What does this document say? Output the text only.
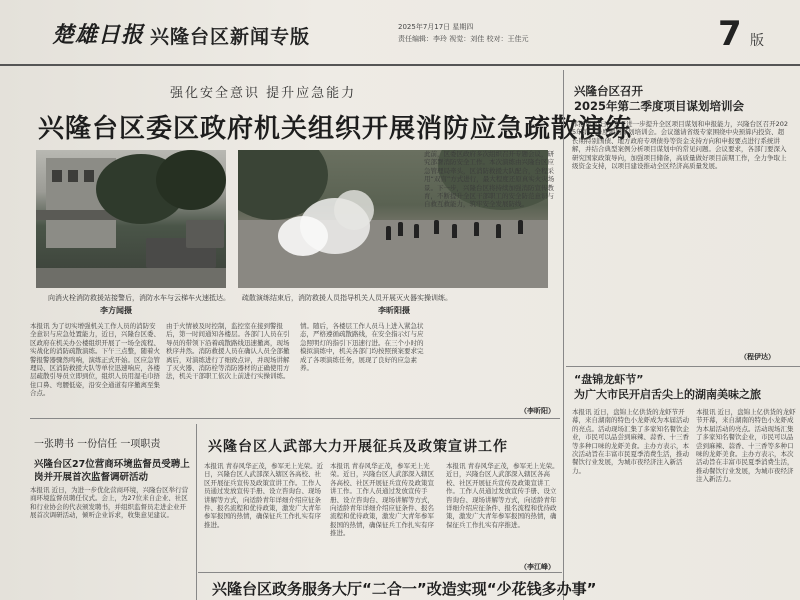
楚雄日报 兴隆台区新闻专版	2025年7月17日 星期四
责任编辑：李玲 视觉：刘佳 校对：王佳元	7 版
强化安全意识 提升应急能力
兴隆台区委区政府机关组织开展消防应急疏散演练
向消火栓消防救援站接警后，消防水车与云梯车火速抵达。
李方闻摄
疏散演练结束后，消防救援人员指导机关人员开展灭火器实操训练。
李昕阳摄
本报讯 为了切实增强机关工作人员的消防安全意识与应急处置能力，近日，兴隆台区委、区政府在机关办公楼组织开展了一场全流程、实战化的消防疏散演练。下午三点整，随着火警报警器骤然鸣响，演练正式开始。区应急管理局、区消防救援大队等单位迅速响应，各楼层疏散引导员立即到位，组织人员用湿毛巾捂住口鼻、弯腰低姿，沿安全通道有序撤离至集合点。
由于火情被及时控制，监控室在接到警报后，第一时间通知各楼层。各部门人员在引导员的带领下沿着疏散路线迅速撤离，现场秩序井然。消防救援人员在确认人员全部撤离后，对演练进行了细致点评，并现场讲解了灭火器、消防栓等消防器材的正确使用方法，机关干部职工依次上前进行实操训练。
情。随后，各楼层工作人员马上进入紧急状态，严格遵循疏散路线，在安全指示灯与应急照明灯的指引下迅速行进。在三个小时的模拟演练中，机关各部门均按照预案要求完成了各项演练任务，展现了良好的应急素养。
此前，区委区政府多次组织召开专题会议，研究部署消防安全工作。本次演练由兴隆台区应急管理局牵头，区消防救援大队配合，全程采用“双盲”方式进行，最大程度还原真实火灾场景。下一步，兴隆台区将持续加强消防宣传教育，不断提升全区干部职工的安全防范意识与自救互救能力，筑牢安全发展防线。
（李昕阳）
兴隆台区召开
2025年第二季度项目谋划培训会
本报讯 近日，为了进一步提升全区项目谋划和申报能力，兴隆台区召开2025年第二季度项目谋划培训会。会议邀请省级专家围绕中央预算内投资、超长期特别国债、地方政府专项债券等资金支持方向和申报要点进行系统讲解，并结合典型案例分析项目谋划中的常见问题。会议要求，各部门要深入研究国家政策导向，加强项目储备，高质量做好项目前期工作，全力争取上级资金支持，以项目建设推动全区经济高质量发展。
（程伊达）
“盘锦龙虾节”
为广大市民开启舌尖上的湖南美味之旅
本报讯 近日，盘锦上亿供货的龙虾节开幕，来自湖南的特色小龙虾成为本届活动的亮点。活动现场汇集了多家知名餐饮企业，市民可以品尝到麻辣、蒜香、十三香等多种口味的龙虾美食。主办方表示，本次活动旨在丰富市民夏季消费生活，推动餐饮行业发展，为城市夜经济注入新活力。
本报讯 近日，盘锦上亿供货的龙虾节开幕，来自湖南的特色小龙虾成为本届活动的亮点。活动现场汇集了多家知名餐饮企业，市民可以品尝到麻辣、蒜香、十三香等多种口味的龙虾美食。主办方表示，本次活动旨在丰富市民夏季消费生活，推动餐饮行业发展，为城市夜经济注入新活力。
一张聘书 一份信任 一项职责
兴隆台区27位营商环境监督员受聘上岗并开展首次监督调研活动
本报讯 近日，为进一步优化营商环境，兴隆台区举行营商环境监督员聘任仪式。会上，为27位来自企业、社区和行业协会的代表颁发聘书，并组织监督员走进企业开展首次调研活动，倾听企业诉求，收集意见建议。
兴隆台区人武部大力开展征兵及政策宣讲工作
本报讯 青春风华正茂，参军无上光荣。近日，兴隆台区人武部深入辖区各高校、社区开展征兵宣传及政策宣讲工作。工作人员通过发放宣传手册、设立咨询台、现场讲解等方式，向适龄青年详细介绍应征条件、报名流程和优待政策，激发广大青年参军报国的热情，确保征兵工作扎实有序推进。
本报讯 青春风华正茂，参军无上光荣。近日，兴隆台区人武部深入辖区各高校、社区开展征兵宣传及政策宣讲工作。工作人员通过发放宣传手册、设立咨询台、现场讲解等方式，向适龄青年详细介绍应征条件、报名流程和优待政策，激发广大青年参军报国的热情，确保征兵工作扎实有序推进。
本报讯 青春风华正茂，参军无上光荣。近日，兴隆台区人武部深入辖区各高校、社区开展征兵宣传及政策宣讲工作。工作人员通过发放宣传手册、设立咨询台、现场讲解等方式，向适龄青年详细介绍应征条件、报名流程和优待政策，激发广大青年参军报国的热情，确保征兵工作扎实有序推进。
（李江峰）
兴隆台区政务服务大厅“二合一”改造实现“少花钱多办事”
